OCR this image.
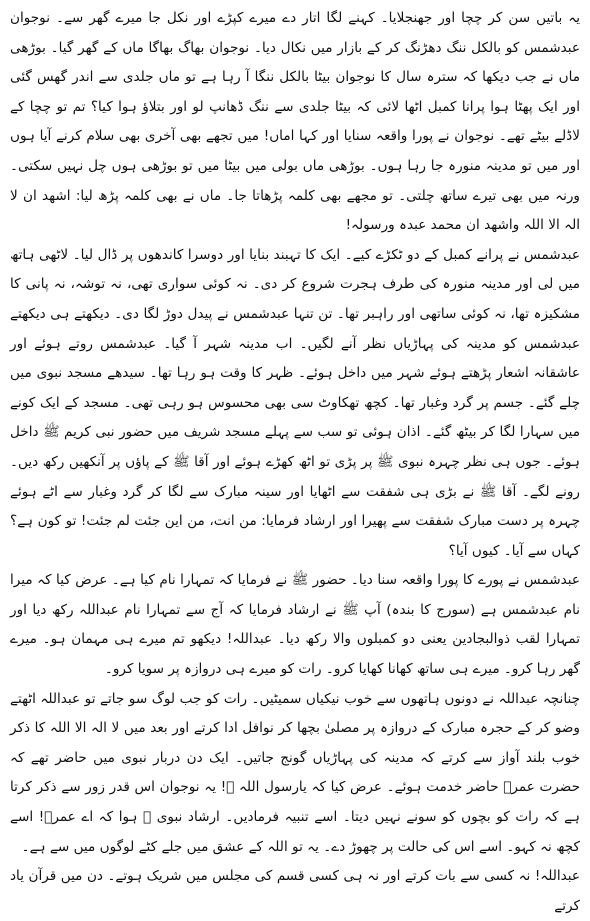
یہ باتیں سن کر چچا اور جھنجلایا۔ کہنے لگا اتار دے میرے کپڑے اور نکل جا میرے گھر سے۔ نوجوان عبدشمس کو بالکل ننگ دھڑنگ کر کے بازار میں نکال دیا۔ نوجوان بھاگ بھاگا ماں کے گھر گیا۔ بوڑھی ماں نے جب دیکھا کہ سترہ سال کا نوجوان بیٹا بالکل ننگا آ رہا ہے تو ماں جلدی سے اندر گھس گئی اور ایک پھٹا ہوا پرانا کمبل اٹھا لائی کہ بیٹا جلدی سے ننگ ڈھانپ لو اور بتلاؤ ہوا کیا؟ تم تو چچا کے لاڈلے بیٹے تھے۔ نوجوان نے پورا واقعہ سنایا اور کہا اماں! میں تجھے بھی آخری بھی سلام کرنے آیا ہوں اور میں تو مدینہ منورہ جا رہا ہوں۔ بوڑھی ماں بولی میں بیٹا میں تو بوڑھی ہوں چل نہیں سکتی۔ ورنہ میں بھی تیرے ساتھ چلتی۔ تو مجھے بھی کلمہ پڑھاتا جا۔ ماں نے بھی کلمہ پڑھ لیا: اشھد ان لا الہ الا اللہ واشھد ان محمد عبدہ ورسولہ!

عبدشمس نے پرانے کمبل کے دو ٹکڑے کیے۔ ایک کا تہبند بنایا اور دوسرا کاندھوں پر ڈال لیا۔ لاٹھی ہاتھ میں لی اور مدینہ منورہ کی طرف ہجرت شروع کر دی۔ نہ کوئی سواری تھی، نہ توشہ، نہ پانی کا مشکیزہ تھا، نہ کوئی ساتھی اور راہبر تھا۔ تن تنہا عبدشمس نے پیدل دوڑ لگا دی۔ دیکھتے ہی دیکھتے عبدشمس کو مدینہ کی پہاڑیاں نظر آنے لگیں۔ اب مدینہ شہر آ گیا۔ عبدشمس روتے ہوئے اور عاشقانہ اشعار پڑھتے ہوئے شہر میں داخل ہوئے۔ ظہر کا وقت ہو رہا تھا۔ سیدھے مسجد نبوی میں چلے گئے۔ جسم پر گرد وغبار تھا۔ کچھ تھکاوٹ سی بھی محسوس ہو رہی تھی۔ مسجد کے ایک کونے میں سہارا لگا کر بیٹھ گئے۔ اذان ہوئی تو سب سے پہلے مسجد شریف میں حضور نبی کریم ﷺ داخل ہوئے۔ جوں ہی نظر چہرہ نبوی ﷺ پر پڑی تو اٹھ کھڑے ہوئے اور آقا ﷺ کے پاؤں پر آنکھیں رکھ دیں۔ رونے لگے۔ آقا ﷺ نے بڑی ہی شفقت سے اٹھایا اور سینہ مبارک سے لگا کر گرد وغبار سے اٹے ہوئے چہرہ پر دست مبارک شفقت سے پھیرا اور ارشاد فرمایا: من انت، من این جئت لم جئت! تو کون ہے؟ کہاں سے آیا۔ کیوں آیا؟

عبدشمس نے پورے کا پورا واقعہ سنا دیا۔ حضور ﷺ نے فرمایا کہ تمہارا نام کیا ہے۔ عرض کیا کہ میرا نام عبدشمس ہے (سورج کا بندہ) آپ ﷺ نے ارشاد فرمایا کہ آج سے تمہارا نام عبداللہ رکھ دیا اور تمہارا لقب ذوالبجادین یعنی دو کمبلوں والا رکھ دیا۔ عبداللہ! دیکھو تم میرے ہی مہمان ہو۔ میرے گھر رہا کرو۔ میرے ہی ساتھ کھانا کھایا کرو۔ رات کو میرے ہی دروازہ پر سویا کرو۔

چنانچہ عبداللہ نے دونوں ہاتھوں سے خوب نیکیاں سمیٹیں۔ رات کو جب لوگ سو جاتے تو عبداللہ اٹھتے وضو کر کے حجرہ مبارک کے دروازہ پر مصلیٰ بچھا کر نوافل ادا کرتے اور بعد میں لا الہ الا اللہ کا ذکر خوب بلند آواز سے کرتے کہ مدینہ کی پہاڑیاں گونج جاتیں۔ ایک دن دربار نبوی میں حاضر تھے کہ حضرت عمرؓ حاضر خدمت ہوئے۔ عرض کیا کہ یارسول اللہ ﷺ! یہ نوجوان اس قدر زور سے ذکر کرتا ہے کہ رات کو بچوں کو سونے نہیں دیتا۔ اسے تنبیہ فرمادیں۔ ارشاد نبوی ﷺ ہوا کہ اے عمرؓ! اسے کچھ نہ کہو۔ اسے اس کی حالت پر چھوڑ دے۔ یہ تو اللہ کے عشق میں جلے کٹے لوگوں میں سے ہے۔

عبداللہ! نہ کسی سے بات کرتے اور نہ ہی کسی قسم کی مجلس میں شریک ہوتے۔ دن میں قرآن یاد کرتے
